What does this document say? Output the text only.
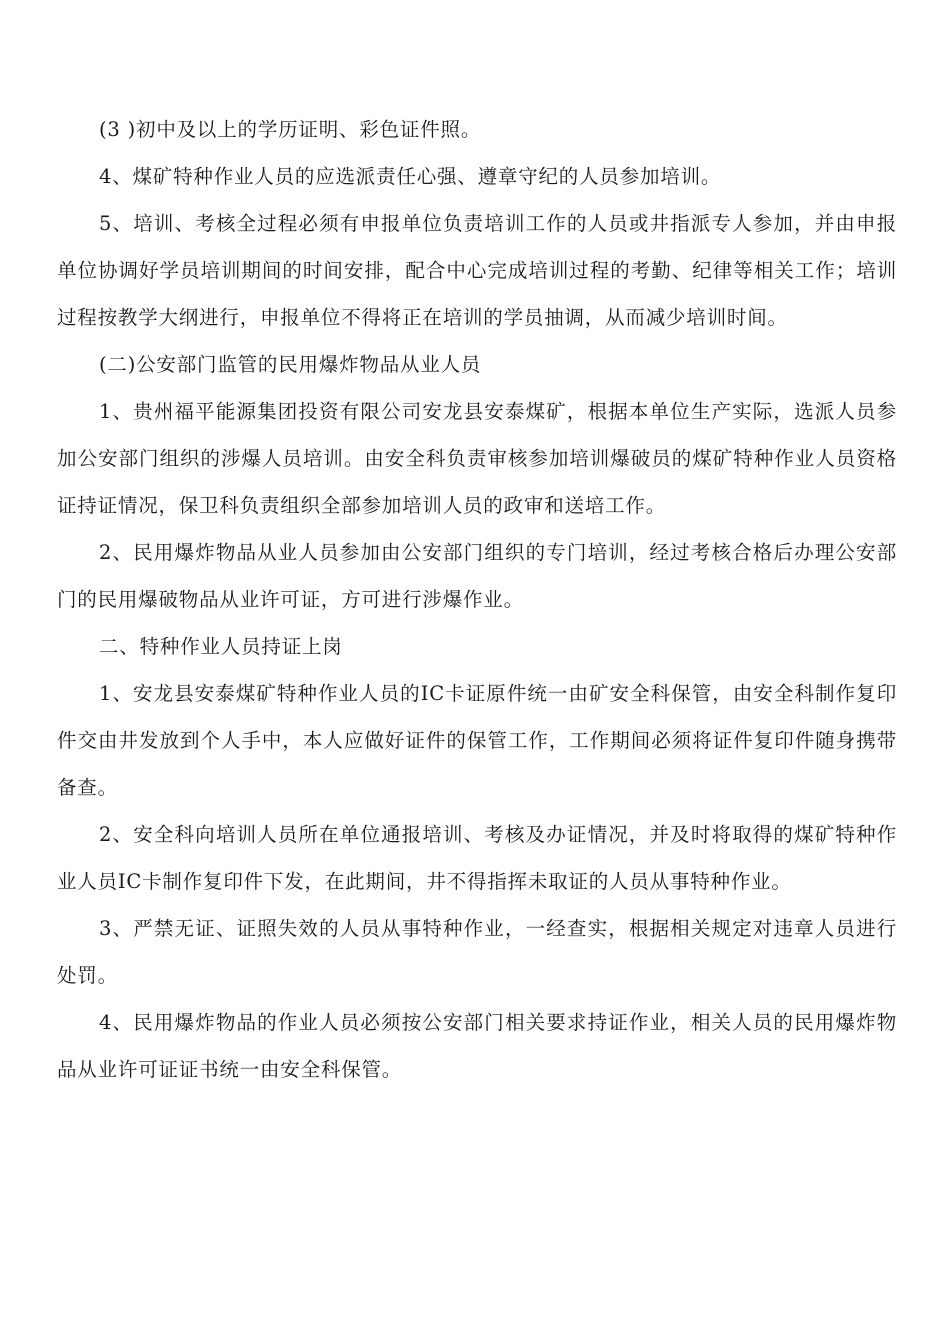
(3 )初中及以上的学历证明、彩色证件照。

4、煤矿特种作业人员的应选派责任心强、遵章守纪的人员参加培训。

5、培训、考核全过程必须有申报单位负责培训工作的人员或井指派专人参加，并由申报单位协调好学员培训期间的时间安排，配合中心完成培训过程的考勤、纪律等相关工作；培训过程按教学大纲进行，申报单位不得将正在培训的学员抽调，从而减少培训时间。

(二)公安部门监管的民用爆炸物品从业人员

1、贵州福平能源集团投资有限公司安龙县安泰煤矿，根据本单位生产实际，选派人员参加公安部门组织的涉爆人员培训。由安全科负责审核参加培训爆破员的煤矿特种作业人员资格证持证情况，保卫科负责组织全部参加培训人员的政审和送培工作。

2、民用爆炸物品从业人员参加由公安部门组织的专门培训，经过考核合格后办理公安部门的民用爆破物品从业许可证，方可进行涉爆作业。

二、特种作业人员持证上岗

1、安龙县安泰煤矿特种作业人员的IC卡证原件统一由矿安全科保管，由安全科制作复印件交由井发放到个人手中，本人应做好证件的保管工作，工作期间必须将证件复印件随身携带备查。

2、安全科向培训人员所在单位通报培训、考核及办证情况，并及时将取得的煤矿特种作业人员IC卡制作复印件下发，在此期间，井不得指挥未取证的人员从事特种作业。

3、严禁无证、证照失效的人员从事特种作业，一经查实，根据相关规定对违章人员进行处罚。

4、民用爆炸物品的作业人员必须按公安部门相关要求持证作业，相关人员的民用爆炸物品从业许可证证书统一由安全科保管。
